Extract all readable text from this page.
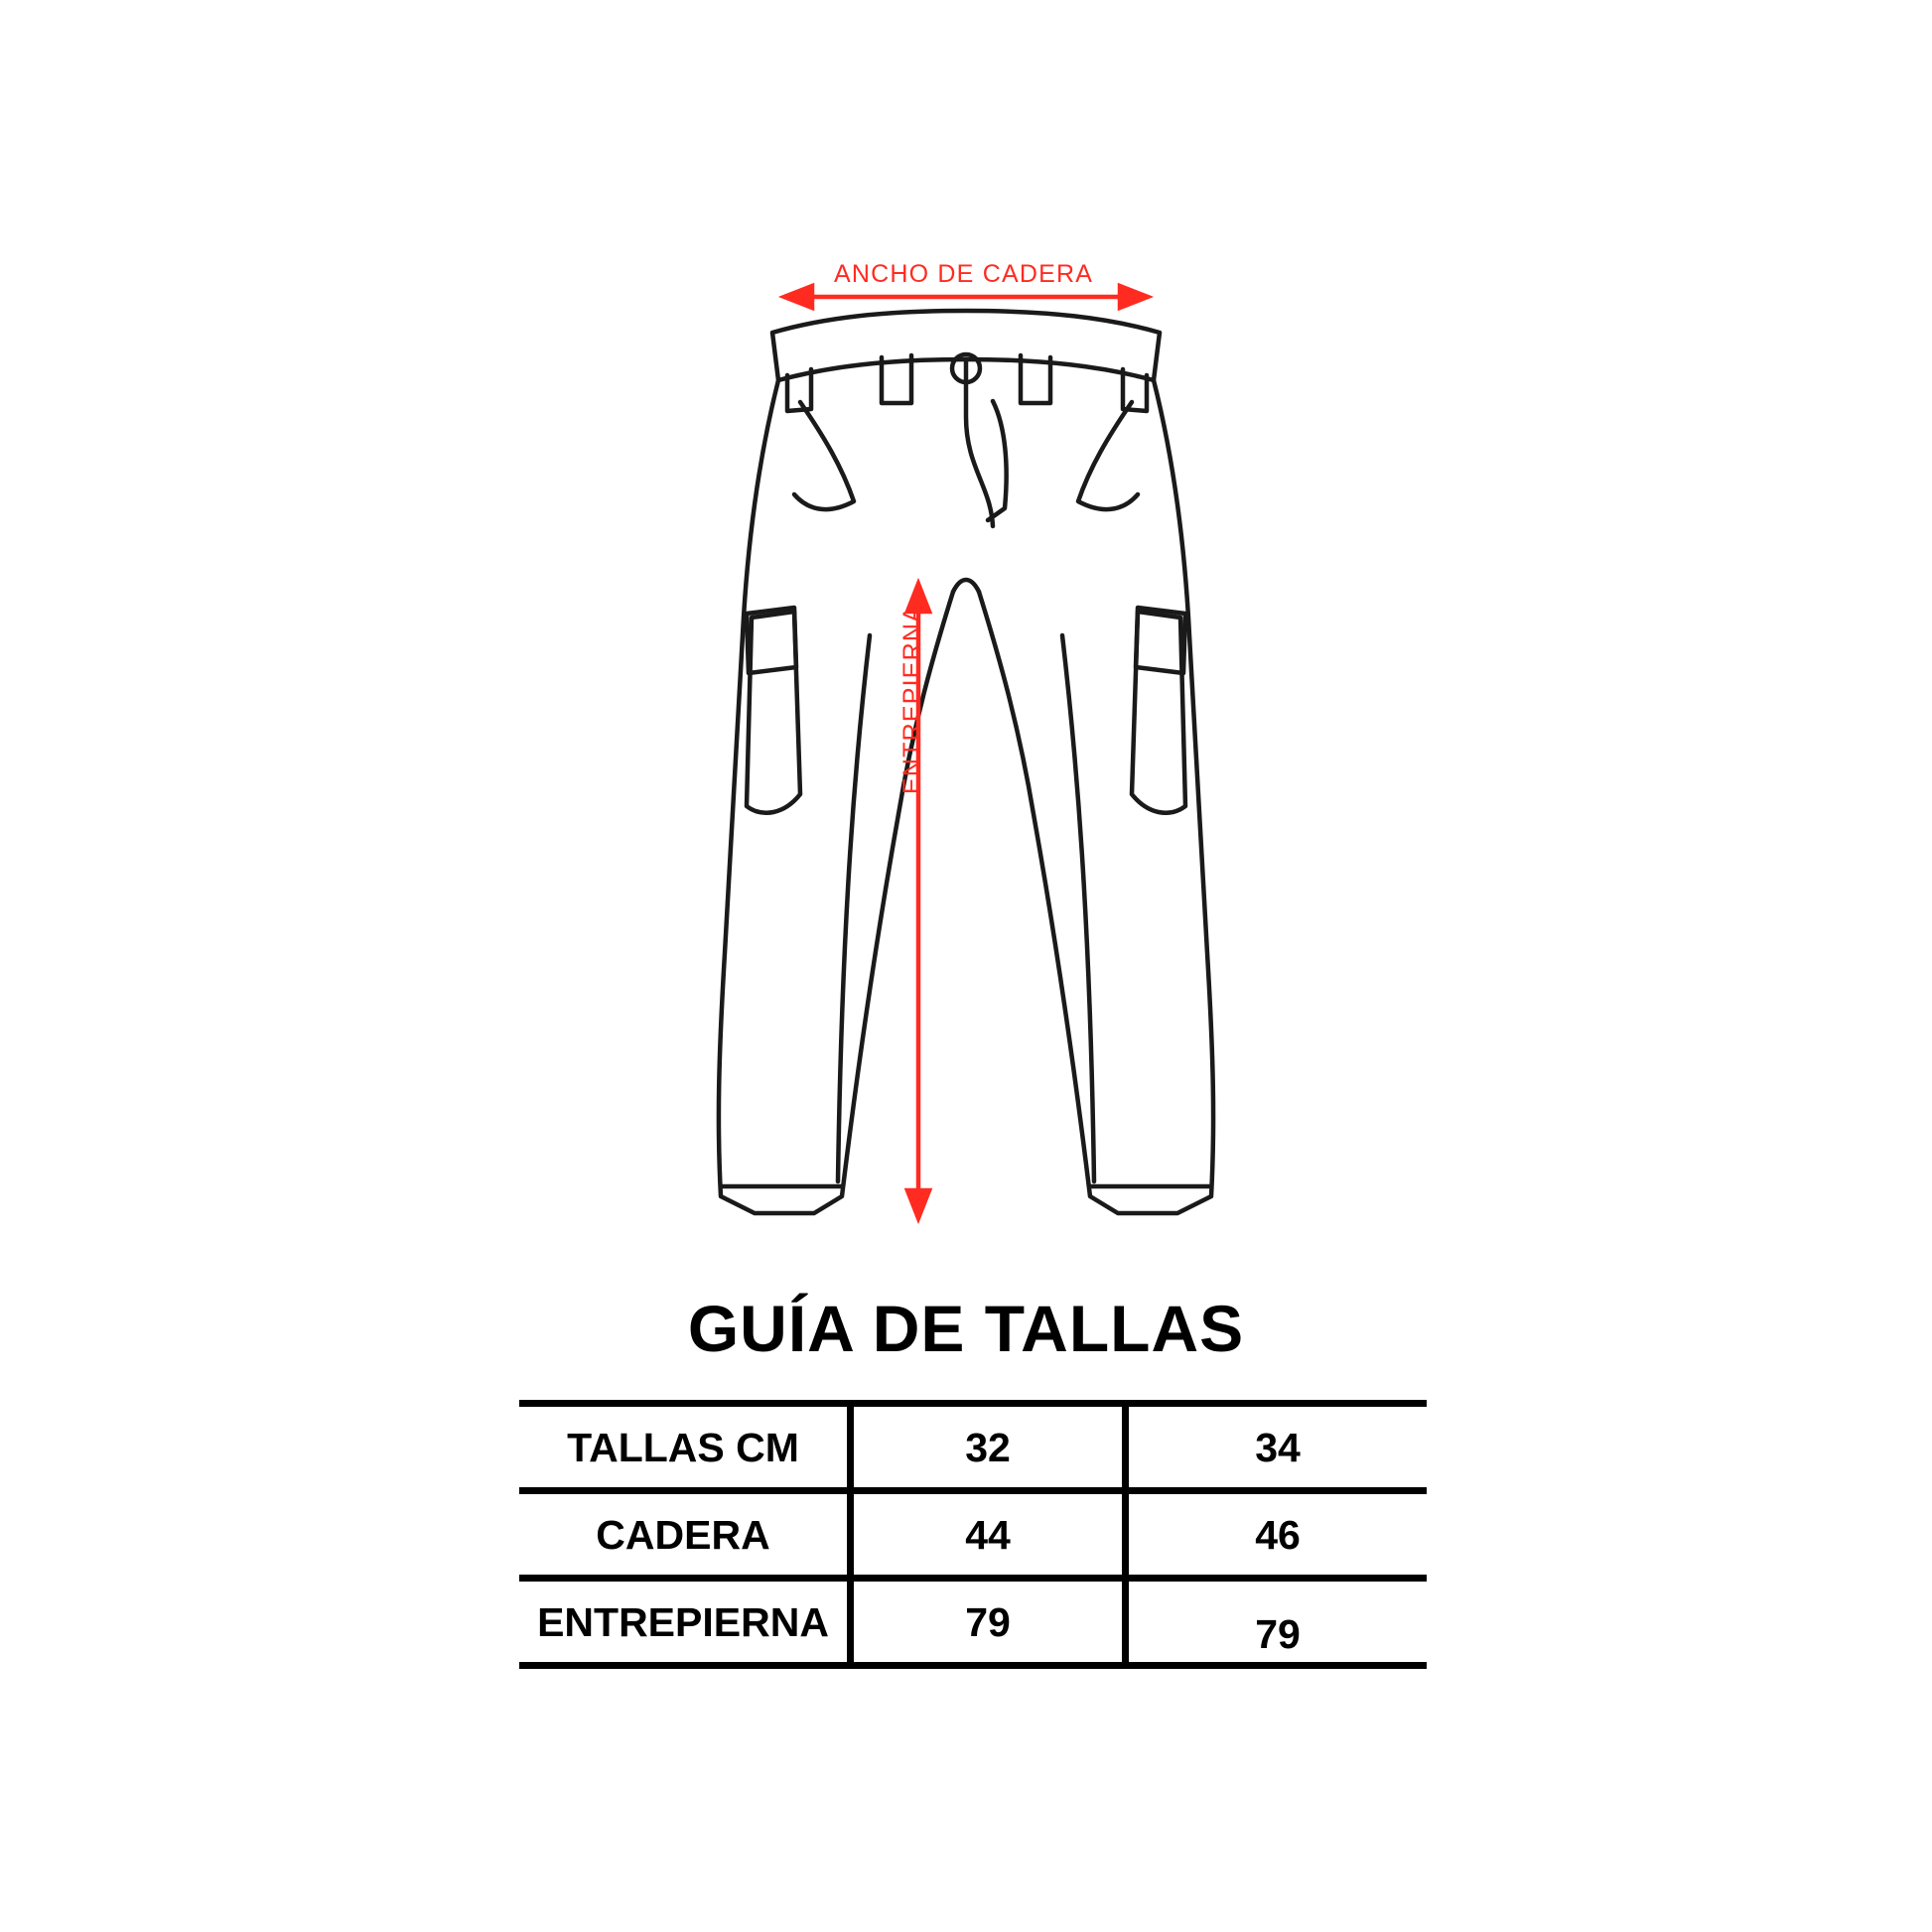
ANCHO DE CADERA
ENTREPIERNA
GUÍA DE TALLAS
TALLAS CM	32	34
CADERA	44	46
ENTREPIERNA	79	79
